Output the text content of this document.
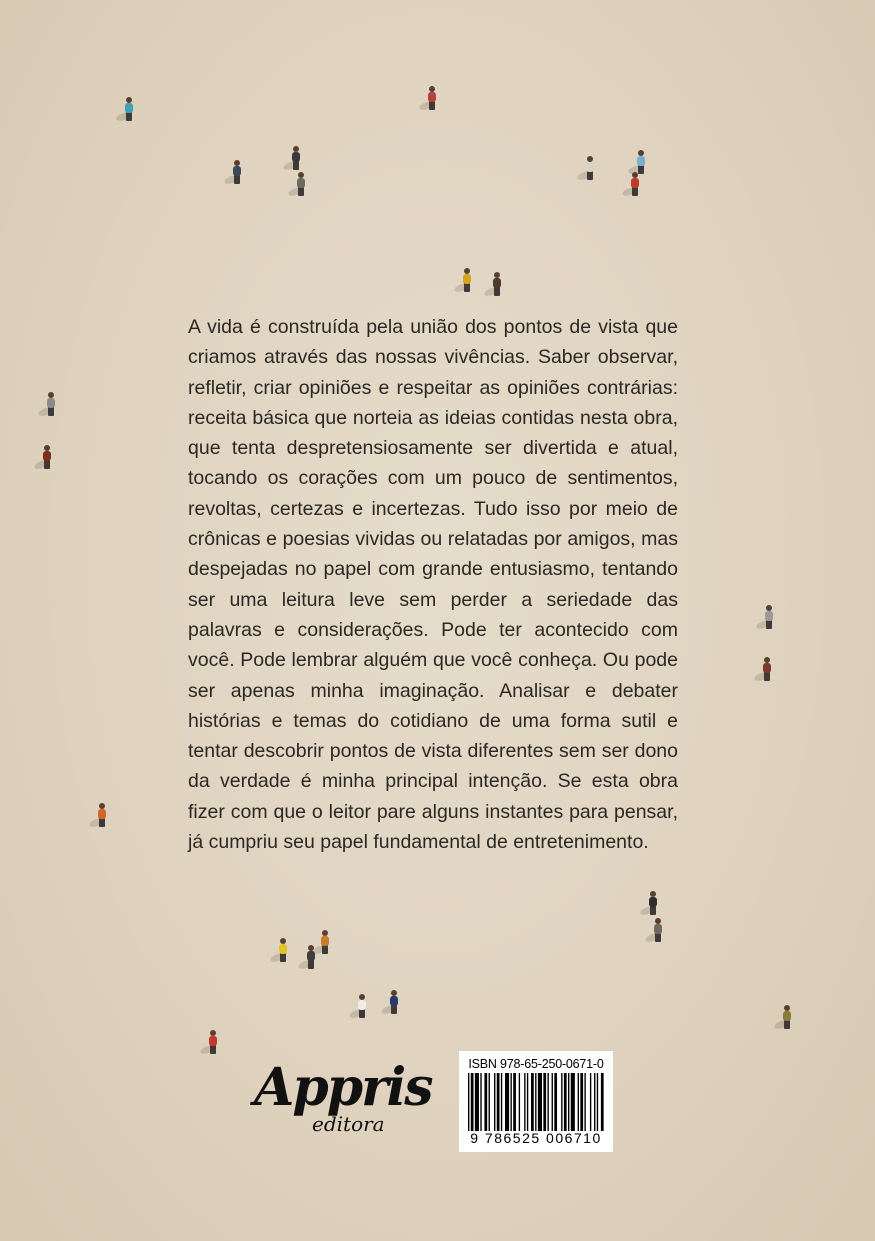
A vida é construída pela união dos pontos de vista que criamos através das nossas vivências. Saber observar, refletir, criar opiniões e respeitar as opiniões contrárias: receita básica que norteia as ideias contidas nesta obra, que tenta despretensiosamente ser divertida e atual, tocando os corações com um pouco de sentimentos, revoltas, certezas e incertezas. Tudo isso por meio de crônicas e poesias vividas ou relatadas por amigos, mas despejadas no papel com grande entusiasmo, tentando ser uma leitura leve sem perder a seriedade das palavras e considerações. Pode ter acontecido com você. Pode lembrar alguém que você conheça. Ou pode ser apenas minha imaginação. Analisar e debater histórias e temas do cotidiano de uma forma sutil e tentar descobrir pontos de vista diferentes sem ser dono da verdade é minha principal intenção. Se esta obra fizer com que o leitor pare alguns instantes para pensar, já cumpriu seu papel fundamental de entretenimento.

Appris
editora
ISBN 978-65-250-0671-0
9 786525 006710
